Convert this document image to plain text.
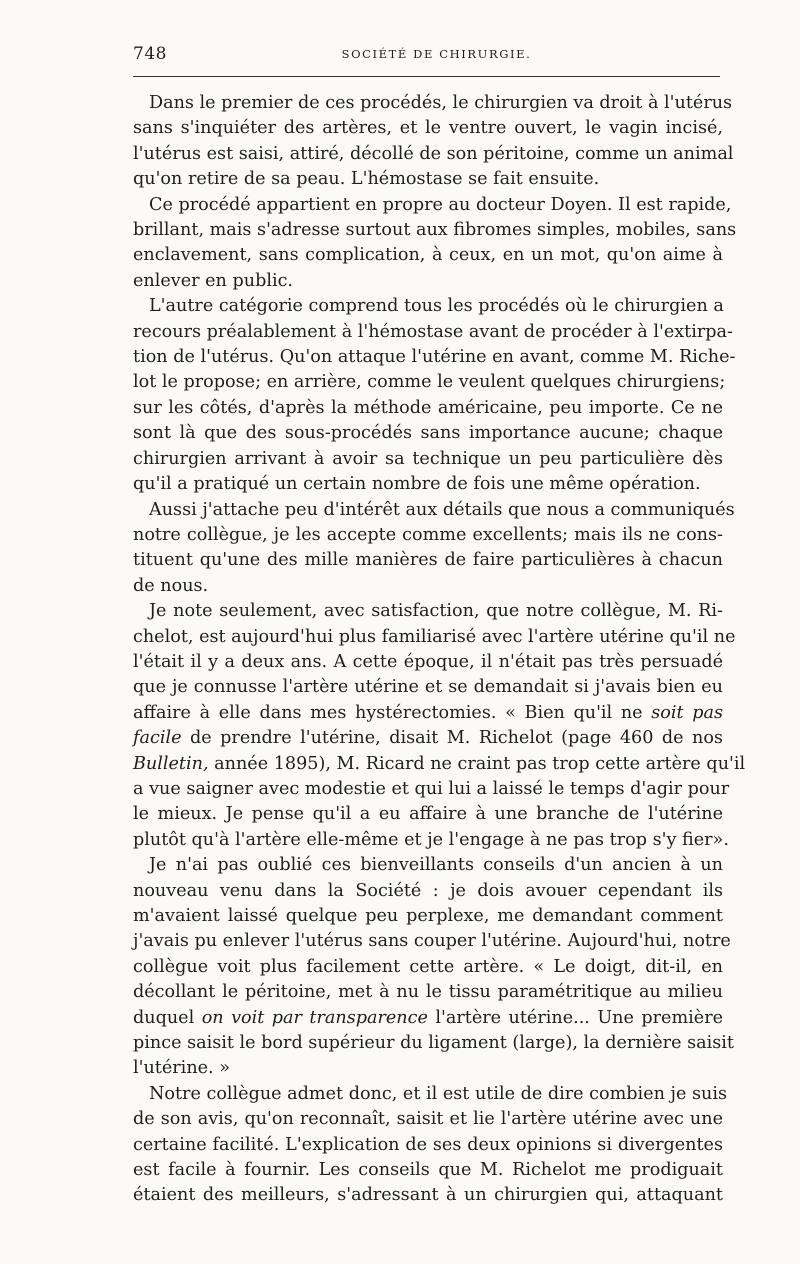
748	SOCIÉTÉ DE CHIRURGIE.

Dans le premier de ces procédés, le chirurgien va droit à l'utérus
sans s'inquiéter des artères, et le ventre ouvert, le vagin incisé,
l'utérus est saisi, attiré, décollé de son péritoine, comme un animal
qu'on retire de sa peau. L'hémostase se fait ensuite.

Ce procédé appartient en propre au docteur Doyen. Il est rapide,
brillant, mais s'adresse surtout aux fibromes simples, mobiles, sans
enclavement, sans complication, à ceux, en un mot, qu'on aime à
enlever en public.

L'autre catégorie comprend tous les procédés où le chirurgien a
recours préalablement à l'hémostase avant de procéder à l'extirpa-
tion de l'utérus. Qu'on attaque l'utérine en avant, comme M. Riche-
lot le propose; en arrière, comme le veulent quelques chirurgiens;
sur les côtés, d'après la méthode américaine, peu importe. Ce ne
sont là que des sous-procédés sans importance aucune; chaque
chirurgien arrivant à avoir sa technique un peu particulière dès
qu'il a pratiqué un certain nombre de fois une même opération.

Aussi j'attache peu d'intérêt aux détails que nous a communiqués
notre collègue, je les accepte comme excellents; mais ils ne cons-
tituent qu'une des mille manières de faire particulières à chacun
de nous.

Je note seulement, avec satisfaction, que notre collègue, M. Ri-
chelot, est aujourd'hui plus familiarisé avec l'artère utérine qu'il ne
l'était il y a deux ans. A cette époque, il n'était pas très persuadé
que je connusse l'artère utérine et se demandait si j'avais bien eu
affaire à elle dans mes hystérectomies. « Bien qu'il ne soit pas
facile de prendre l'utérine, disait M. Richelot (page 460 de nos
Bulletin, année 1895), M. Ricard ne craint pas trop cette artère qu'il
a vue saigner avec modestie et qui lui a laissé le temps d'agir pour
le mieux. Je pense qu'il a eu affaire à une branche de l'utérine
plutôt qu'à l'artère elle-même et je l'engage à ne pas trop s'y fier».

Je n'ai pas oublié ces bienveillants conseils d'un ancien à un
nouveau venu dans la Société : je dois avouer cependant ils
m'avaient laissé quelque peu perplexe, me demandant comment
j'avais pu enlever l'utérus sans couper l'utérine. Aujourd'hui, notre
collègue voit plus facilement cette artère. « Le doigt, dit-il, en
décollant le péritoine, met à nu le tissu paramétritique au milieu
duquel on voit par transparence l'artère utérine... Une première
pince saisit le bord supérieur du ligament (large), la dernière saisit
l'utérine. »

Notre collègue admet donc, et il est utile de dire combien je suis
de son avis, qu'on reconnaît, saisit et lie l'artère utérine avec une
certaine facilité. L'explication de ses deux opinions si divergentes
est facile à fournir. Les conseils que M. Richelot me prodiguait
étaient des meilleurs, s'adressant à un chirurgien qui, attaquant
